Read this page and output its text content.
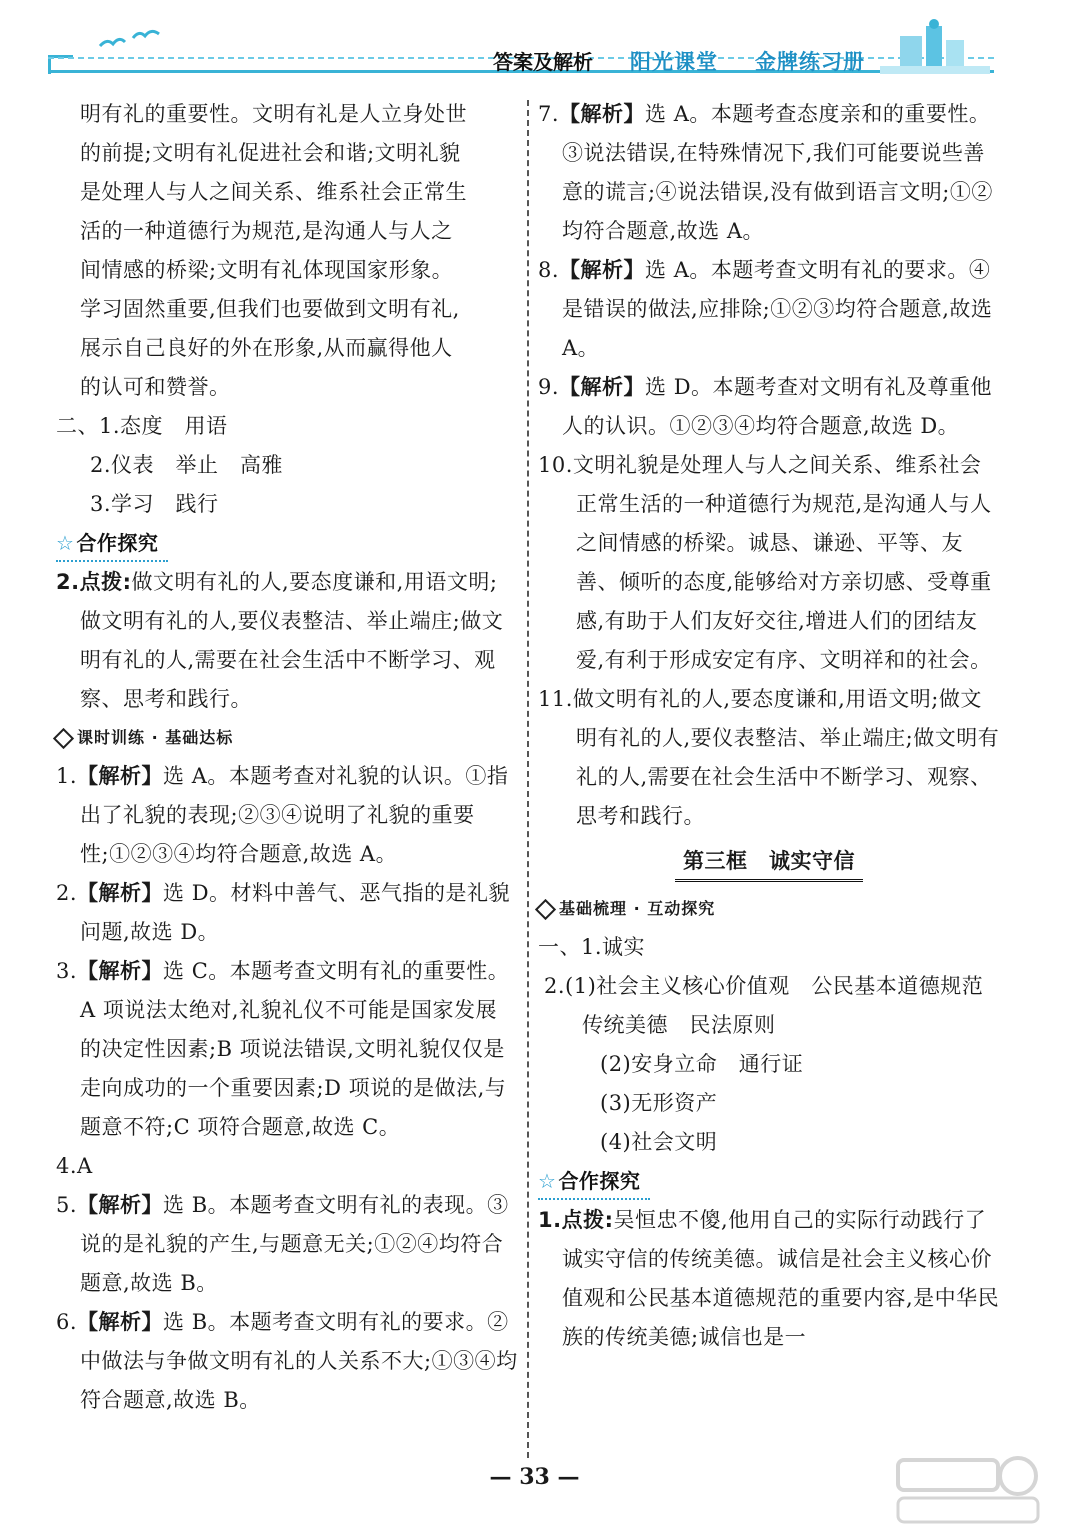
答案及解析 阳光课堂 金牌练习册
明有礼的重要性。文明有礼是人立身处世
的前提;文明有礼促进社会和谐;文明礼貌
是处理人与人之间关系、维系社会正常生
活的一种道德行为规范,是沟通人与人之
间情感的桥梁;文明有礼体现国家形象。
学习固然重要,但我们也要做到文明有礼,
展示自己良好的外在形象,从而赢得他人
的认可和赞誉。
二、1.态度　用语
2.仪表　举止　高雅
3.学习　践行
☆ 合作探究
2.点拨:做文明有礼的人,要态度谦和,用语文明;做文明有礼的人,要仪表整洁、举止端庄;做文明有礼的人,需要在社会生活中不断学习、观察、思考和践行。
课时训练 · 基础达标
1.【解析】选 A。本题考查对礼貌的认识。①指出了礼貌的表现;②③④说明了礼貌的重要性;①②③④均符合题意,故选 A。
2.【解析】选 D。材料中善气、恶气指的是礼貌问题,故选 D。
3.【解析】选 C。本题考查文明有礼的重要性。A 项说法太绝对,礼貌礼仪不可能是国家发展的决定性因素;B 项说法错误,文明礼貌仅仅是走向成功的一个重要因素;D 项说的是做法,与题意不符;C 项符合题意,故选 C。
4.A
5.【解析】选 B。本题考查文明有礼的表现。③说的是礼貌的产生,与题意无关;①②④均符合题意,故选 B。
6.【解析】选 B。本题考查文明有礼的要求。②中做法与争做文明有礼的人关系不大;①③④均符合题意,故选 B。
7.【解析】选 A。本题考查态度亲和的重要性。③说法错误,在特殊情况下,我们可能要说些善意的谎言;④说法错误,没有做到语言文明;①②均符合题意,故选 A。
8.【解析】选 A。本题考查文明有礼的要求。④是错误的做法,应排除;①②③均符合题意,故选 A。
9.【解析】选 D。本题考查对文明有礼及尊重他人的认识。①②③④均符合题意,故选 D。
10.文明礼貌是处理人与人之间关系、维系社会正常生活的一种道德行为规范,是沟通人与人之间情感的桥梁。诚恳、谦逊、平等、友善、倾听的态度,能够给对方亲切感、受尊重感,有助于人们友好交往,增进人们的团结友爱,有利于形成安定有序、文明祥和的社会。
11.做文明有礼的人,要态度谦和,用语文明;做文明有礼的人,要仪表整洁、举止端庄;做文明有礼的人,需要在社会生活中不断学习、观察、思考和践行。
第三框　诚实守信
基础梳理 · 互动探究
一、1.诚实
2.(1)社会主义核心价值观　公民基本道德规范　传统美德　民法原则
(2)安身立命　通行证
(3)无形资产
(4)社会文明
☆ 合作探究
1.点拨:吴恒忠不傻,他用自己的实际行动践行了诚实守信的传统美德。诚信是社会主义核心价值观和公民基本道德规范的重要内容,是中华民族的传统美德;诚信也是一
— 33 —
